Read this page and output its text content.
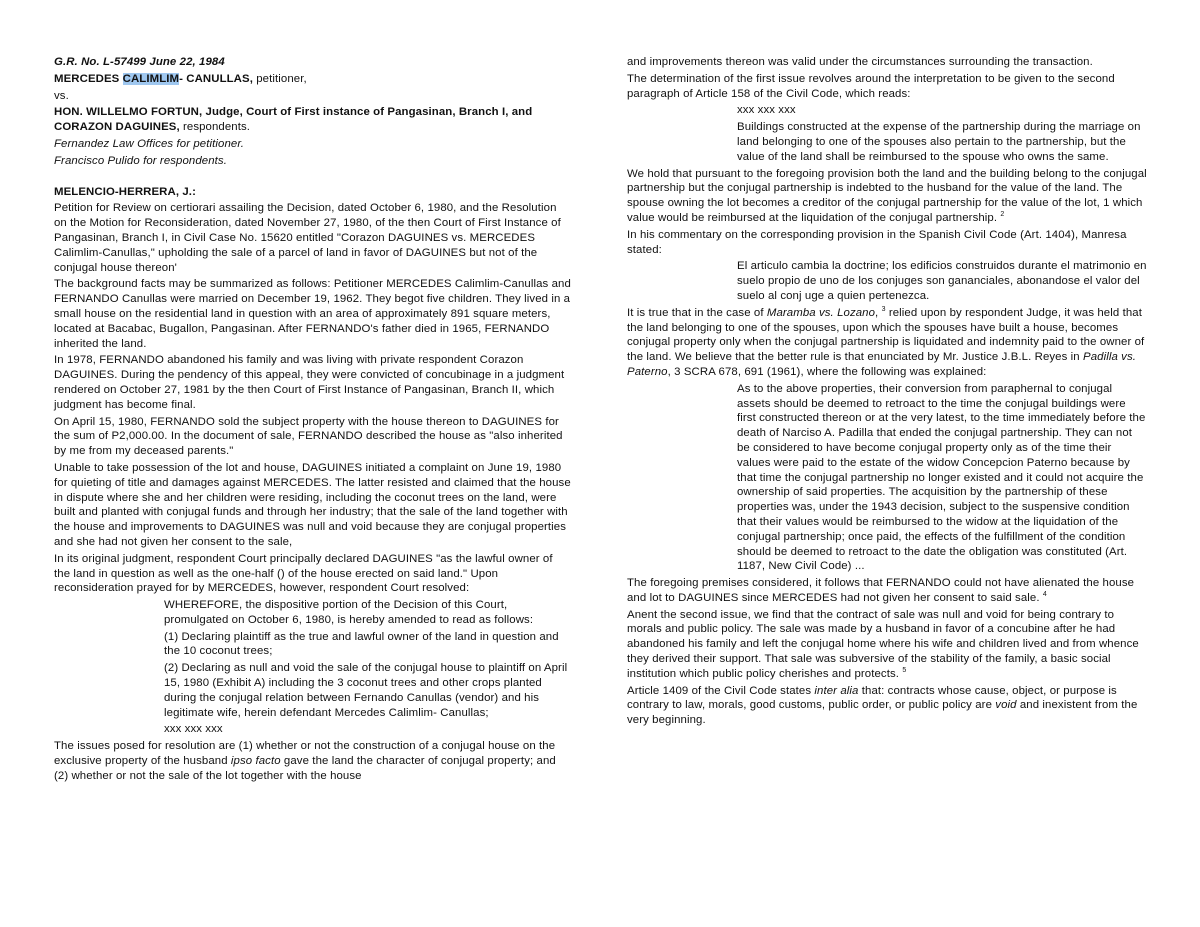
G.R. No. L-57499 June 22, 1984

MERCEDES CALIMLIM- CANULLAS, petitioner,

vs.

HON. WILLELMO FORTUN, Judge, Court of First instance of Pangasinan, Branch I, and CORAZON DAGUINES, respondents.

Fernandez Law Offices for petitioner.

Francisco Pulido for respondents.

MELENCIO-HERRERA, J.:

Petition for Review on certiorari assailing the Decision, dated October 6, 1980, and the Resolution on the Motion for Reconsideration, dated November 27, 1980, of the then Court of First Instance of Pangasinan, Branch I, in Civil Case No. 15620 entitled "Corazon DAGUINES vs. MERCEDES Calimlim-Canullas," upholding the sale of a parcel of land in favor of DAGUINES but not of the conjugal house thereon'

The background facts may be summarized as follows: Petitioner MERCEDES Calimlim-Canullas and FERNANDO Canullas were married on December 19, 1962. They begot five children. They lived in a small house on the residential land in question with an area of approximately 891 square meters, located at Bacabac, Bugallon, Pangasinan. After FERNANDO's father died in 1965, FERNANDO inherited the land.

In 1978, FERNANDO abandoned his family and was living with private respondent Corazon DAGUINES. During the pendency of this appeal, they were convicted of concubinage in a judgment rendered on October 27, 1981 by the then Court of First Instance of Pangasinan, Branch II, which judgment has become final.

On April 15, 1980, FERNANDO sold the subject property with the house thereon to DAGUINES for the sum of P2,000.00. In the document of sale, FERNANDO described the house as "also inherited by me from my deceased parents."

Unable to take possession of the lot and house, DAGUINES initiated a complaint on June 19, 1980 for quieting of title and damages against MERCEDES. The latter resisted and claimed that the house in dispute where she and her children were residing, including the coconut trees on the land, were built and planted with conjugal funds and through her industry; that the sale of the land together with the house and improvements to DAGUINES was null and void because they are conjugal properties and she had not given her consent to the sale,

In its original judgment, respondent Court principally declared DAGUINES "as the lawful owner of the land in question as well as the one-half () of the house erected on said land." Upon reconsideration prayed for by MERCEDES, however, respondent Court resolved:

WHEREFORE, the dispositive portion of the Decision of this Court, promulgated on October 6, 1980, is hereby amended to read as follows:

(1) Declaring plaintiff as the true and lawful owner of the land in question and the 10 coconut trees;

(2) Declaring as null and void the sale of the conjugal house to plaintiff on April 15, 1980 (Exhibit A) including the 3 coconut trees and other crops planted during the conjugal relation between Fernando Canullas (vendor) and his legitimate wife, herein defendant Mercedes Calimlim- Canullas;

xxx xxx xxx

The issues posed for resolution are (1) whether or not the construction of a conjugal house on the exclusive property of the husband ipso facto gave the land the character of conjugal property; and (2) whether or not the sale of the lot together with the house

and improvements thereon was valid under the circumstances surrounding the transaction.

The determination of the first issue revolves around the interpretation to be given to the second paragraph of Article 158 of the Civil Code, which reads:

xxx xxx xxx

Buildings constructed at the expense of the partnership during the marriage on land belonging to one of the spouses also pertain to the partnership, but the value of the land shall be reimbursed to the spouse who owns the same.

We hold that pursuant to the foregoing provision both the land and the building belong to the conjugal partnership but the conjugal partnership is indebted to the husband for the value of the land. The spouse owning the lot becomes a creditor of the conjugal partnership for the value of the lot, 1 which value would be reimbursed at the liquidation of the conjugal partnership. $^2$

In his commentary on the corresponding provision in the Spanish Civil Code (Art. 1404), Manresa stated:

El articulo cambia la doctrine; los edificios construidos durante el matrimonio en suelo propio de uno de los conjuges son gananciales, abonandose el valor del suelo al conj uge a quien pertenezca.

It is true that in the case of Maramba vs. Lozano, $^3$ relied upon by respondent Judge, it was held that the land belonging to one of the spouses, upon which the spouses have built a house, becomes conjugal property only when the conjugal partnership is liquidated and indemnity paid to the owner of the land. We believe that the better rule is that enunciated by Mr. Justice J.B.L. Reyes in Padilla vs. Paterno, 3 SCRA 678, 691 (1961), where the following was explained:

As to the above properties, their conversion from paraphernal to conjugal assets should be deemed to retroact to the time the conjugal buildings were first constructed thereon or at the very latest, to the time immediately before the death of Narciso A. Padilla that ended the conjugal partnership. They can not be considered to have become conjugal property only as of the time their values were paid to the estate of the widow Concepcion Paterno because by that time the conjugal partnership no longer existed and it could not acquire the ownership of said properties. The acquisition by the partnership of these properties was, under the 1943 decision, subject to the suspensive condition that their values would be reimbursed to the widow at the liquidation of the conjugal partnership; once paid, the effects of the fulfillment of the condition should be deemed to retroact to the date the obligation was constituted (Art. 1187, New Civil Code) ...

The foregoing premises considered, it follows that FERNANDO could not have alienated the house and lot to DAGUINES since MERCEDES had not given her consent to said sale. $^4$

Anent the second issue, we find that the contract of sale was null and void for being contrary to morals and public policy. The sale was made by a husband in favor of a concubine after he had abandoned his family and left the conjugal home where his wife and children lived and from whence they derived their support. That sale was subversive of the stability of the family, a basic social institution which public policy cherishes and protects. $^5$

Article 1409 of the Civil Code states inter alia that: contracts whose cause, object, or purpose is contrary to law, morals, good customs, public order, or public policy are void and inexistent from the very beginning.
